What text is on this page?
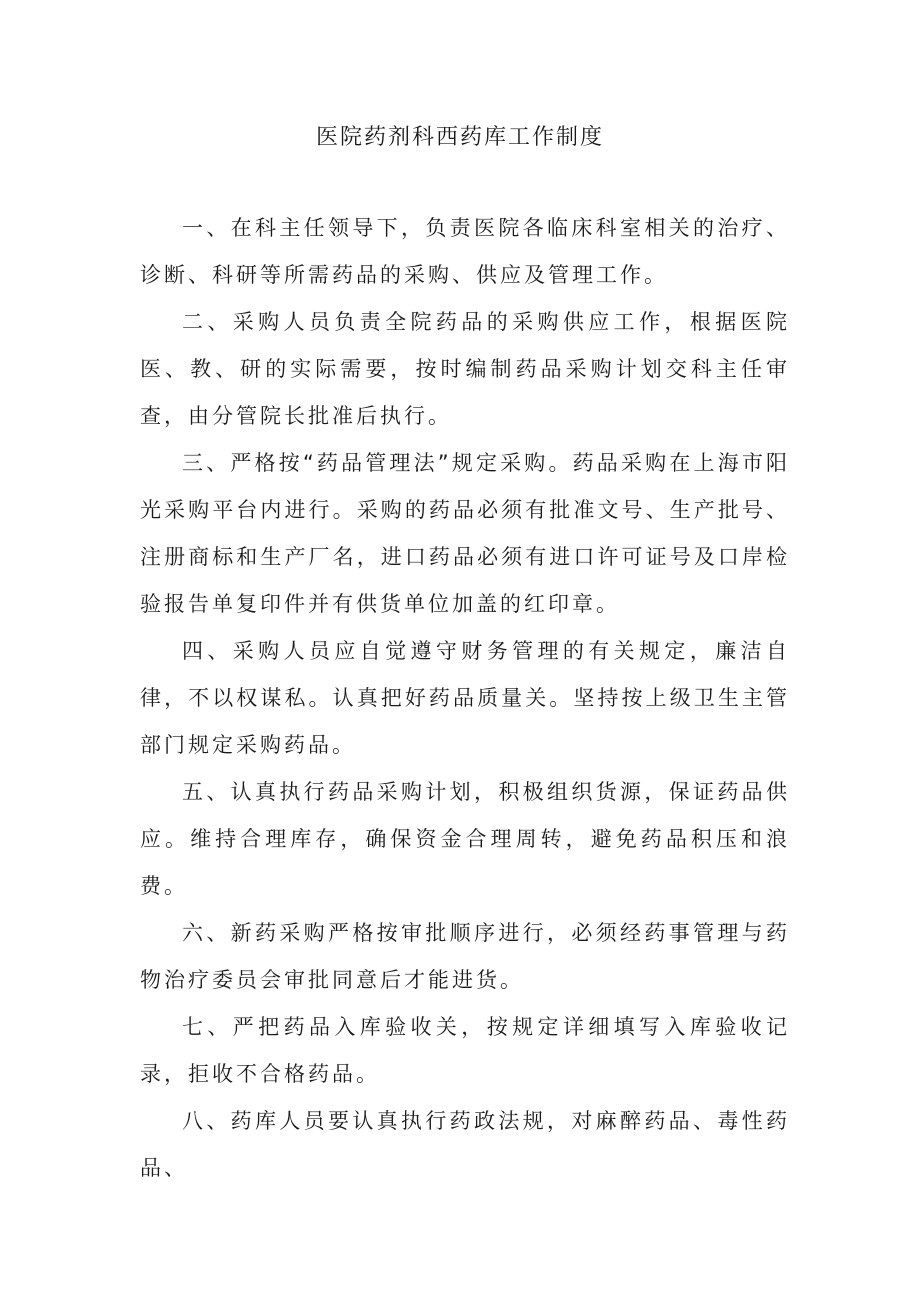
医院药剂科西药库工作制度

一、在科主任领导下，负责医院各临床科室相关的治疗、诊断、科研等所需药品的采购、供应及管理工作。

二、采购人员负责全院药品的采购供应工作，根据医院医、教、研的实际需要，按时编制药品采购计划交科主任审查，由分管院长批准后执行。

三、严格按“药品管理法”规定采购。药品采购在上海市阳光采购平台内进行。采购的药品必须有批准文号、生产批号、注册商标和生产厂名，进口药品必须有进口许可证号及口岸检验报告单复印件并有供货单位加盖的红印章。

四、采购人员应自觉遵守财务管理的有关规定，廉洁自律，不以权谋私。认真把好药品质量关。坚持按上级卫生主管部门规定采购药品。

五、认真执行药品采购计划，积极组织货源，保证药品供应。维持合理库存，确保资金合理周转，避免药品积压和浪费。

六、新药采购严格按审批顺序进行，必须经药事管理与药物治疗委员会审批同意后才能进货。

七、严把药品入库验收关，按规定详细填写入库验收记录，拒收不合格药品。

八、药库人员要认真执行药政法规，对麻醉药品、毒性药品、
